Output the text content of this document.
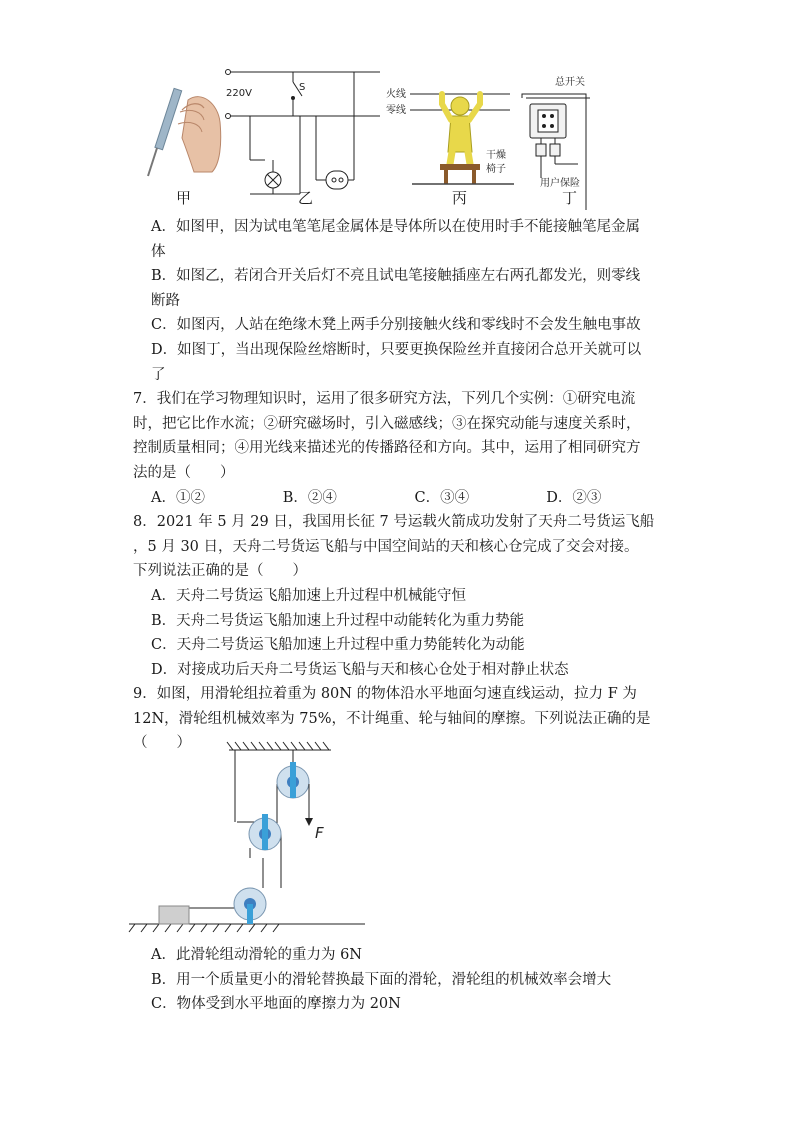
220V
S
火线
零线
干燥
椅子
总开关
用户保险
甲	乙	丙	丁
A．如图甲，因为试电笔笔尾金属体是导体所以在使用时手不能接触笔尾金属
体
B．如图乙，若闭合开关后灯不亮且试电笔接触插座左右两孔都发光，则零线
断路
C．如图丙，人站在绝缘木凳上两手分别接触火线和零线时不会发生触电事故
D．如图丁，当出现保险丝熔断时，只要更换保险丝并直接闭合总开关就可以
了
7．我们在学习物理知识时，运用了很多研究方法，下列几个实例：①研究电流
时，把它比作水流；②研究磁场时，引入磁感线；③在探究动能与速度关系时，
控制质量相同；④用光线来描述光的传播路径和方向。其中，运用了相同研究方
法的是（　　）
A．①②	B．②④	C．③④	D．②③
8．2021 年 5 月 29 日，我国用长征 7 号运载火箭成功发射了天舟二号货运飞船
，5 月 30 日，天舟二号货运飞船与中国空间站的天和核心仓完成了交会对接。
下列说法正确的是（　　）
A．天舟二号货运飞船加速上升过程中机械能守恒
B．天舟二号货运飞船加速上升过程中动能转化为重力势能
C．天舟二号货运飞船加速上升过程中重力势能转化为动能
D．对接成功后天舟二号货运飞船与天和核心仓处于相对静止状态
9．如图，用滑轮组拉着重为 80N 的物体沿水平地面匀速直线运动，拉力 F 为
12N，滑轮组机械效率为 75%，不计绳重、轮与轴间的摩擦。下列说法正确的是
（　　）
F
A．此滑轮组动滑轮的重力为 6N
B．用一个质量更小的滑轮替换最下面的滑轮，滑轮组的机械效率会增大
C．物体受到水平地面的摩擦力为 20N
